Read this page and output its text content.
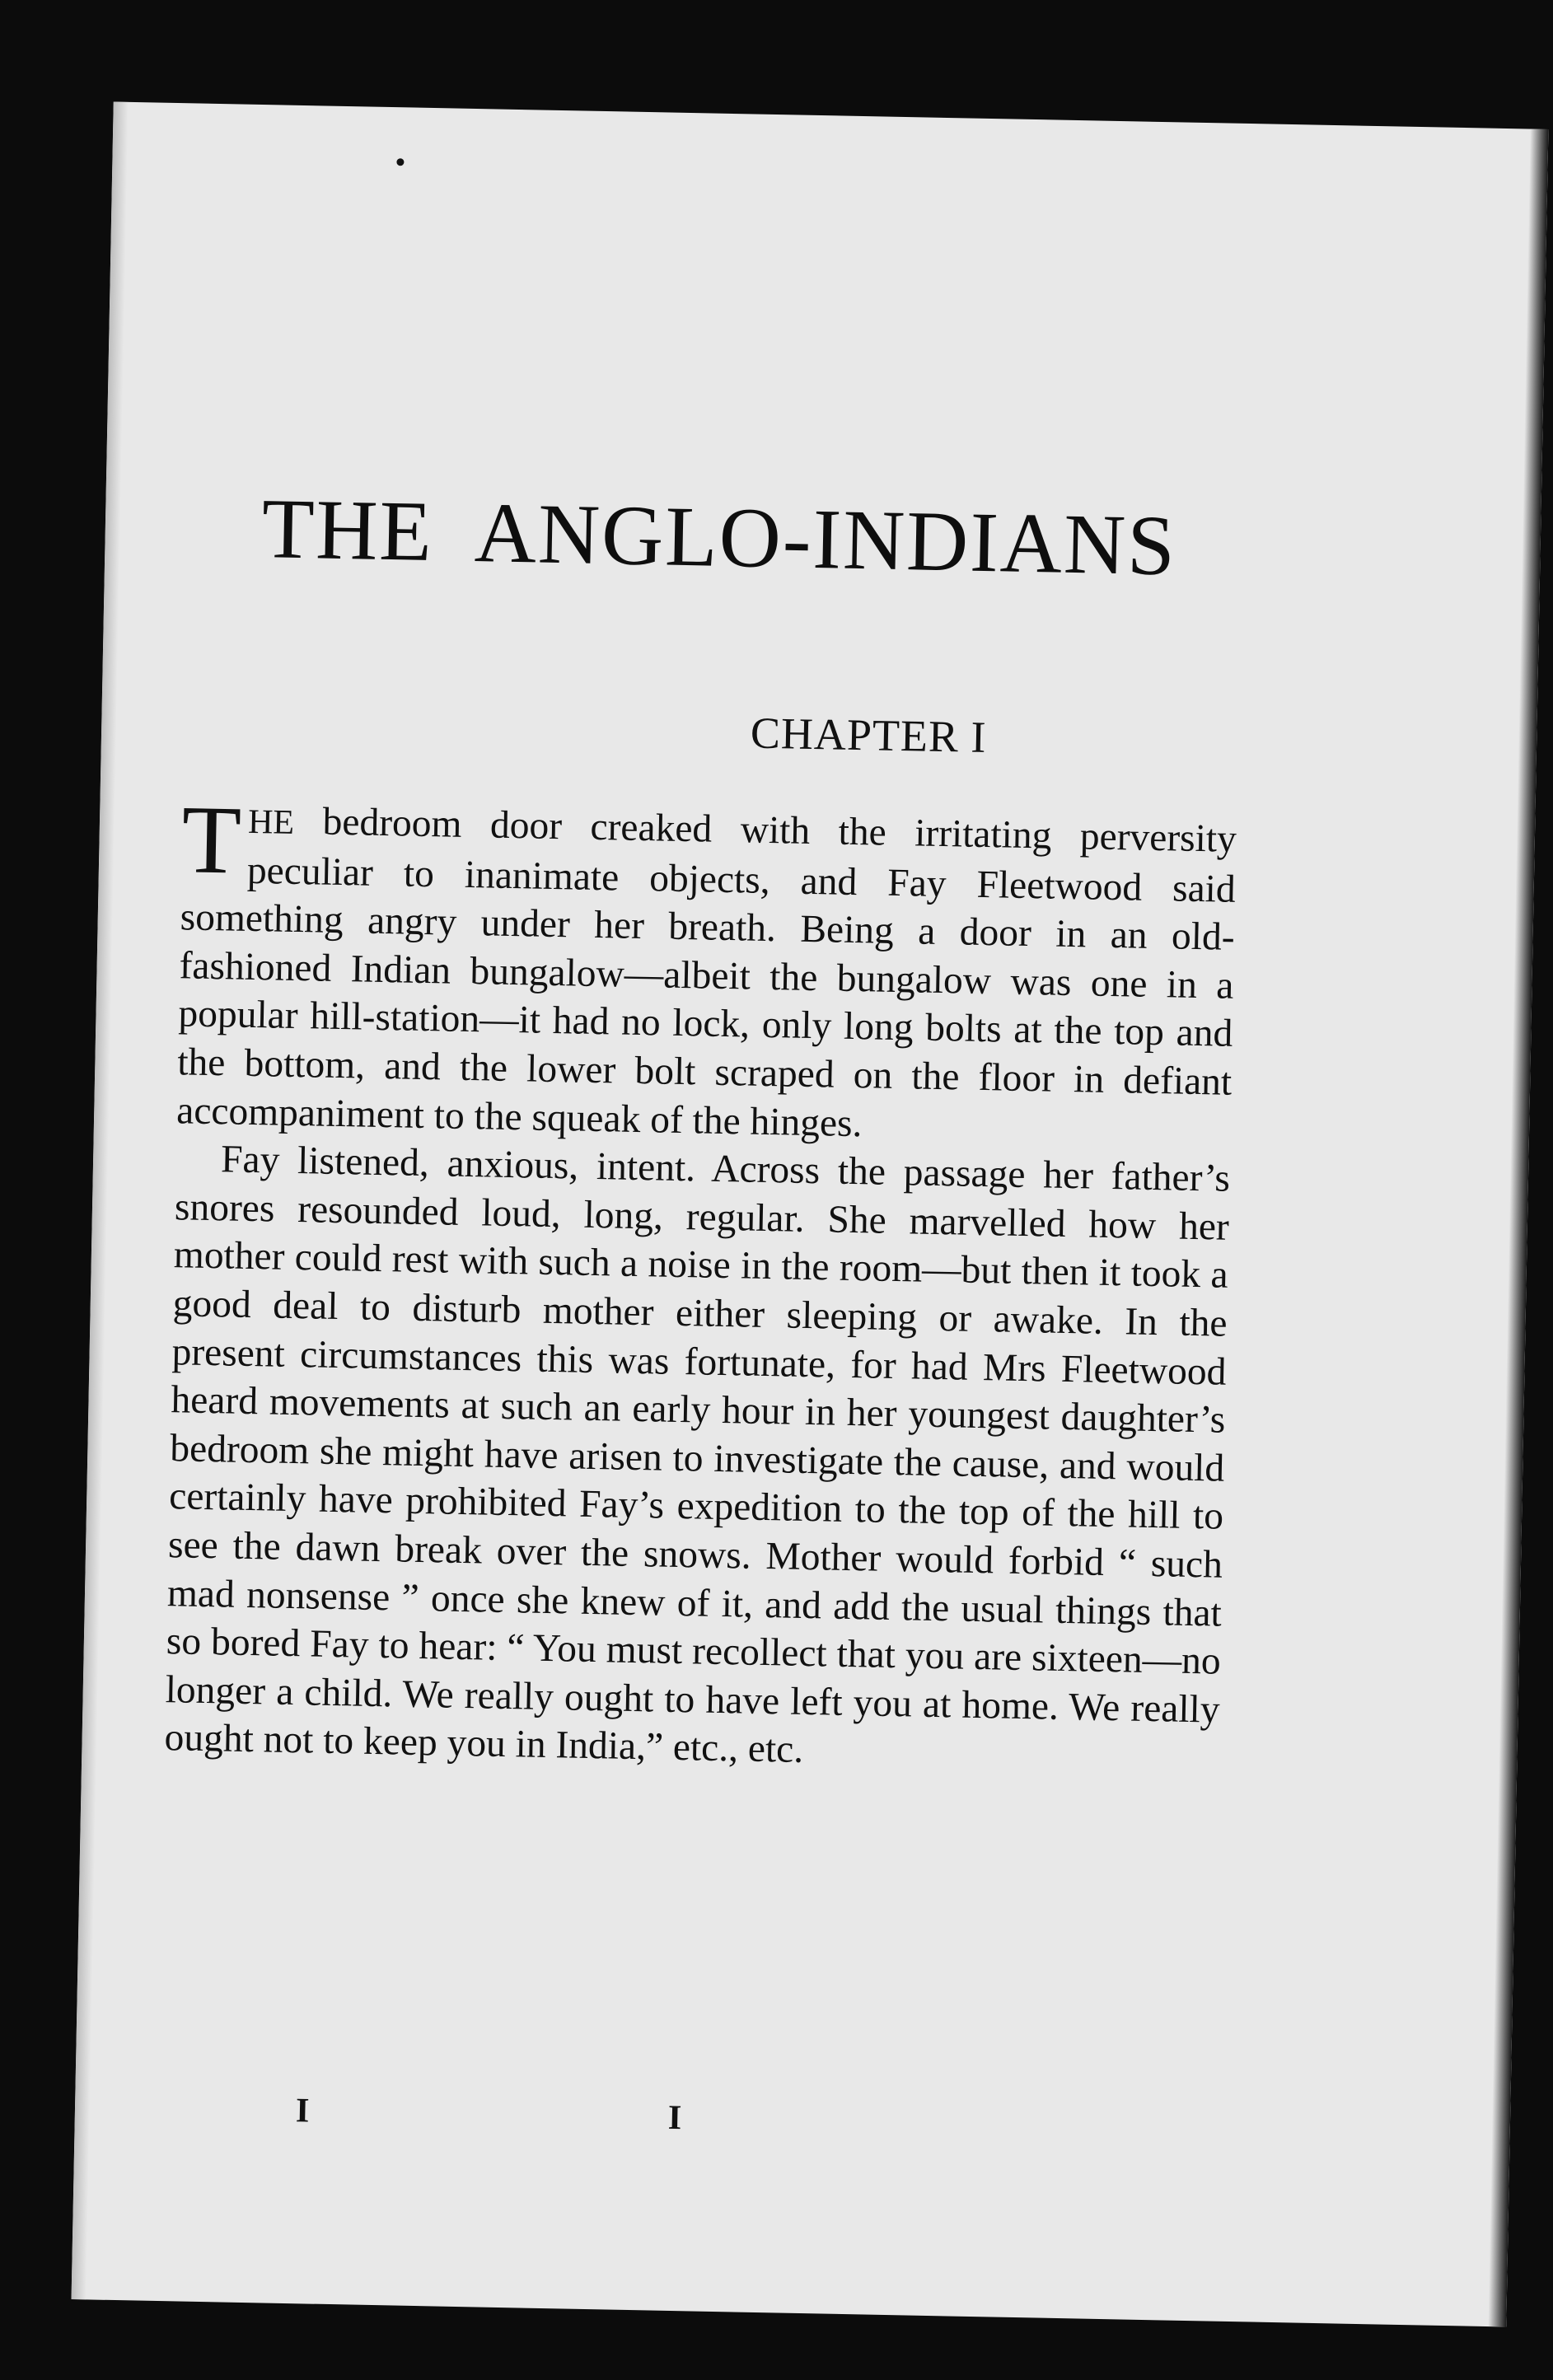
THE ANGLO-INDIANS
CHAPTER I

THE bedroom door creaked with the irritating perversity peculiar to inanimate objects, and Fay Fleetwood said something angry under her breath. Being a door in an old-fashioned Indian bungalow—albeit the bungalow was one in a popular hill-station—it had no lock, only long bolts at the top and the bottom, and the lower bolt scraped on the floor in defiant accompaniment to the squeak of the hinges.

Fay listened, anxious, intent. Across the passage her father’s snores resounded loud, long, regular. She marvelled how her mother could rest with such a noise in the room—but then it took a good deal to disturb mother either sleeping or awake. In the present circumstances this was fortunate, for had Mrs Fleetwood heard movements at such an early hour in her youngest daughter’s bedroom she might have arisen to investigate the cause, and would certainly have prohibited Fay’s expedition to the top of the hill to see the dawn break over the snows. Mother would forbid “ such mad nonsense ” once she knew of it, and add the usual things that so bored Fay to hear: “ You must recollect that you are sixteen—no longer a child. We really ought to have left you at home. We really ought not to keep you in India,” etc., etc.

I	I
